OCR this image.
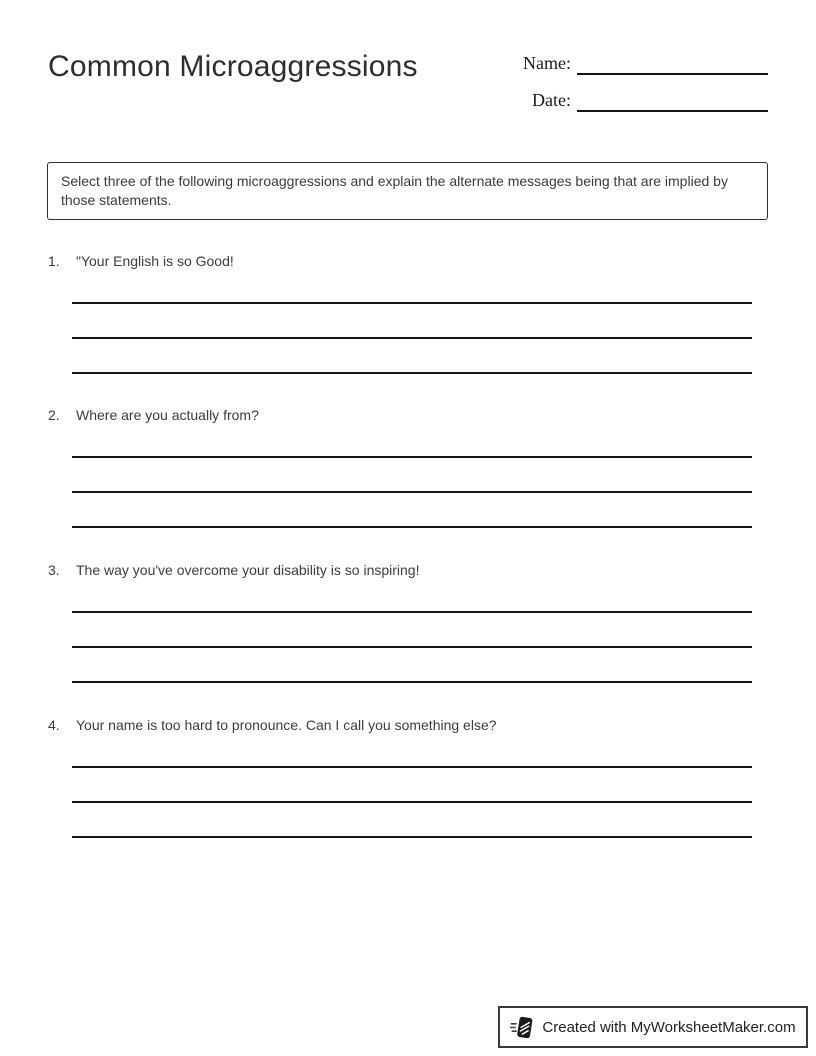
Common Microaggressions	Name:
Date:

Select three of the following microaggressions and explain the alternate messages being that are implied by those statements.

1.	"Your English is so Good!
2.	Where are you actually from?
3.	The way you've overcome your disability is so inspiring!
4.	Your name is too hard to pronounce. Can I call you something else?
Created with MyWorksheetMaker.com
